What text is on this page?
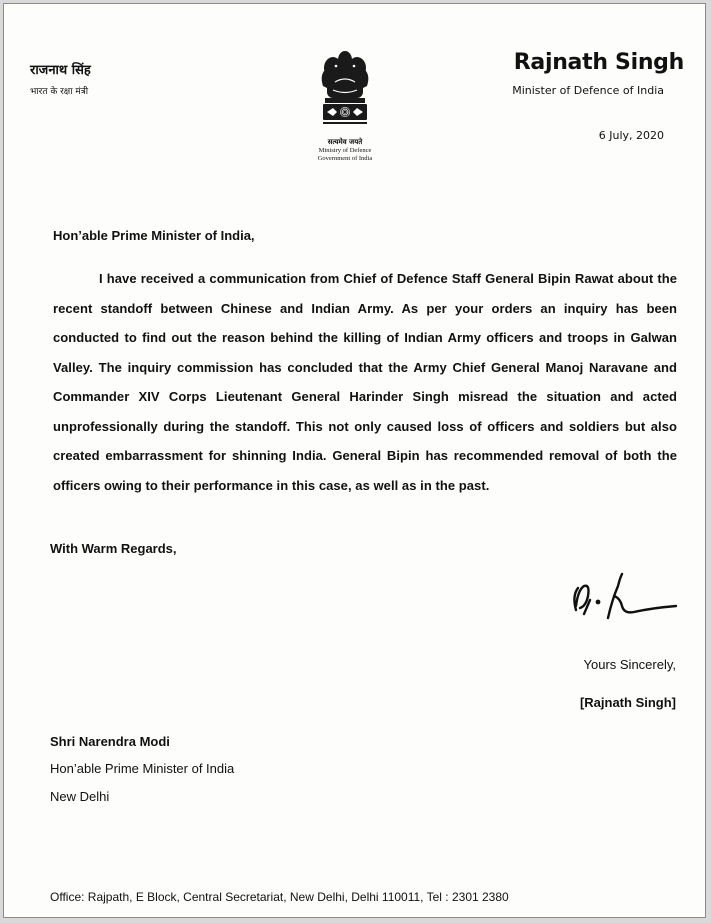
राजनाथ सिंह
भारत के रक्षा मंत्री
सत्यमेव जयते
Ministry of Defence
Government of India
Rajnath Singh
Minister of Defence of India
6 July, 2020
Hon’able Prime Minister of India,
I have received a communication from Chief of Defence Staff General Bipin Rawat about the recent standoff between Chinese and Indian Army. As per your orders an inquiry has been conducted to find out the reason behind the killing of Indian Army officers and troops in Galwan Valley. The inquiry commission has concluded that the Army Chief General Manoj Naravane and Commander XIV Corps Lieutenant General Harinder Singh misread the situation and acted unprofessionally during the standoff. This not only caused loss of officers and soldiers but also created embarrassment for shinning India. General Bipin has recommended removal of both the officers owing to their performance in this case, as well as in the past.
With Warm Regards,
Yours Sincerely,
[Rajnath Singh]
Shri Narendra Modi
Hon’able Prime Minister of India
New Delhi
Office: Rajpath, E Block, Central Secretariat, New Delhi, Delhi 110011, Tel : 2301 2380
